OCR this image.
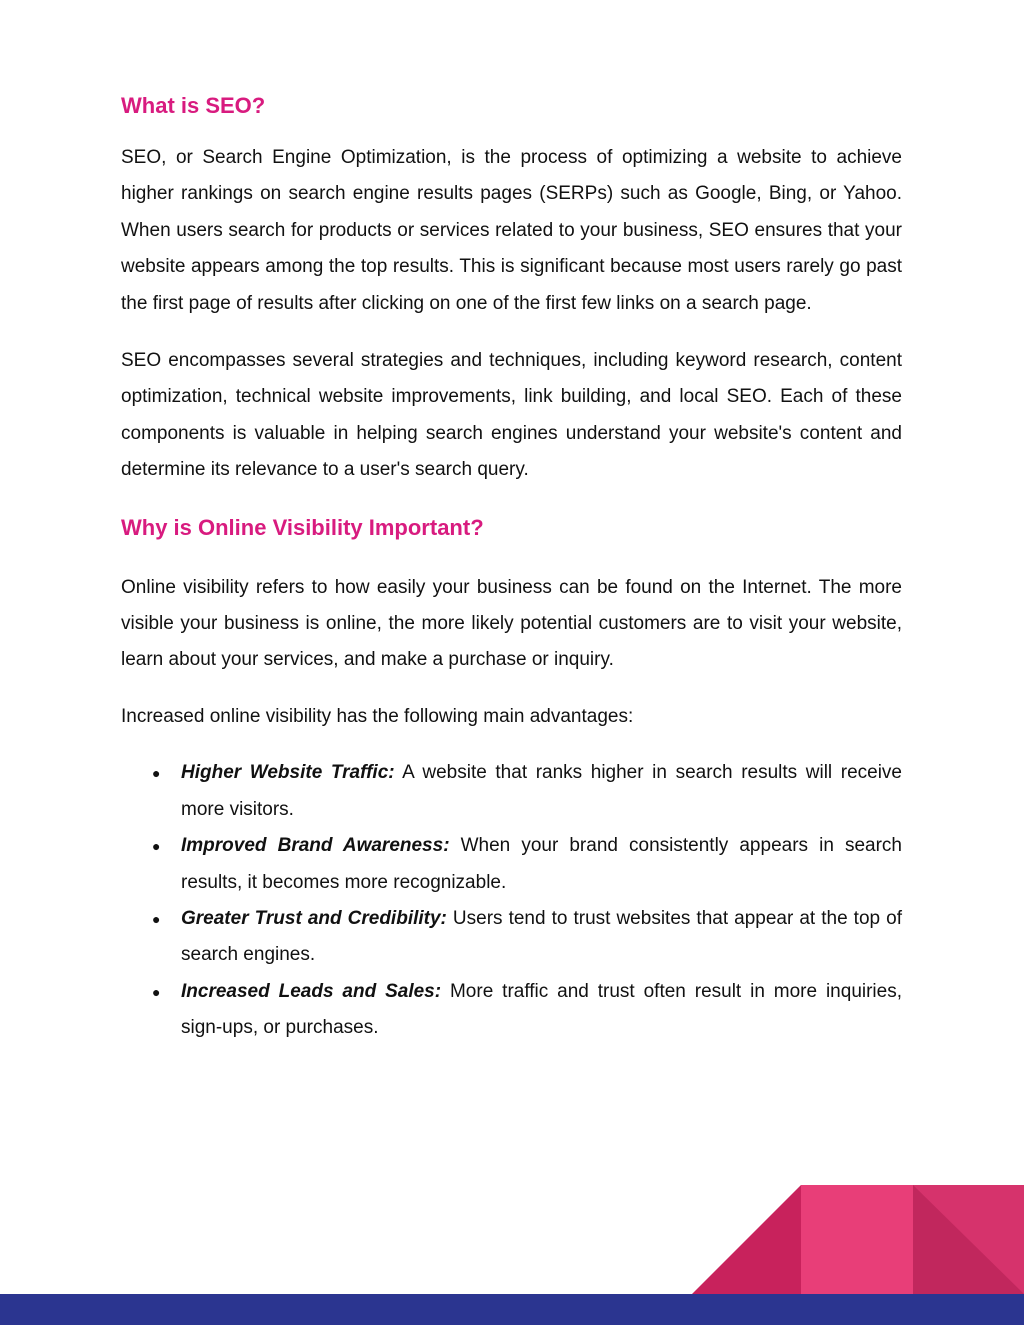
What is SEO?

SEO, or Search Engine Optimization, is the process of optimizing a website to achieve higher rankings on search engine results pages (SERPs) such as Google, Bing, or Yahoo. When users search for products or services related to your business, SEO ensures that your website appears among the top results. This is significant because most users rarely go past the first page of results after clicking on one of the first few links on a search page.

SEO encompasses several strategies and techniques, including keyword research, content optimization, technical website improvements, link building, and local SEO. Each of these components is valuable in helping search engines understand your website's content and determine its relevance to a user's search query.

Why is Online Visibility Important?

Online visibility refers to how easily your business can be found on the Internet. The more visible your business is online, the more likely potential customers are to visit your website, learn about your services, and make a purchase or inquiry.

Increased online visibility has the following main advantages:

● Higher Website Traffic: A website that ranks higher in search results will receive more visitors.
● Improved Brand Awareness: When your brand consistently appears in search results, it becomes more recognizable.
● Greater Trust and Credibility: Users tend to trust websites that appear at the top of search engines.
● Increased Leads and Sales: More traffic and trust often result in more inquiries, sign-ups, or purchases.
